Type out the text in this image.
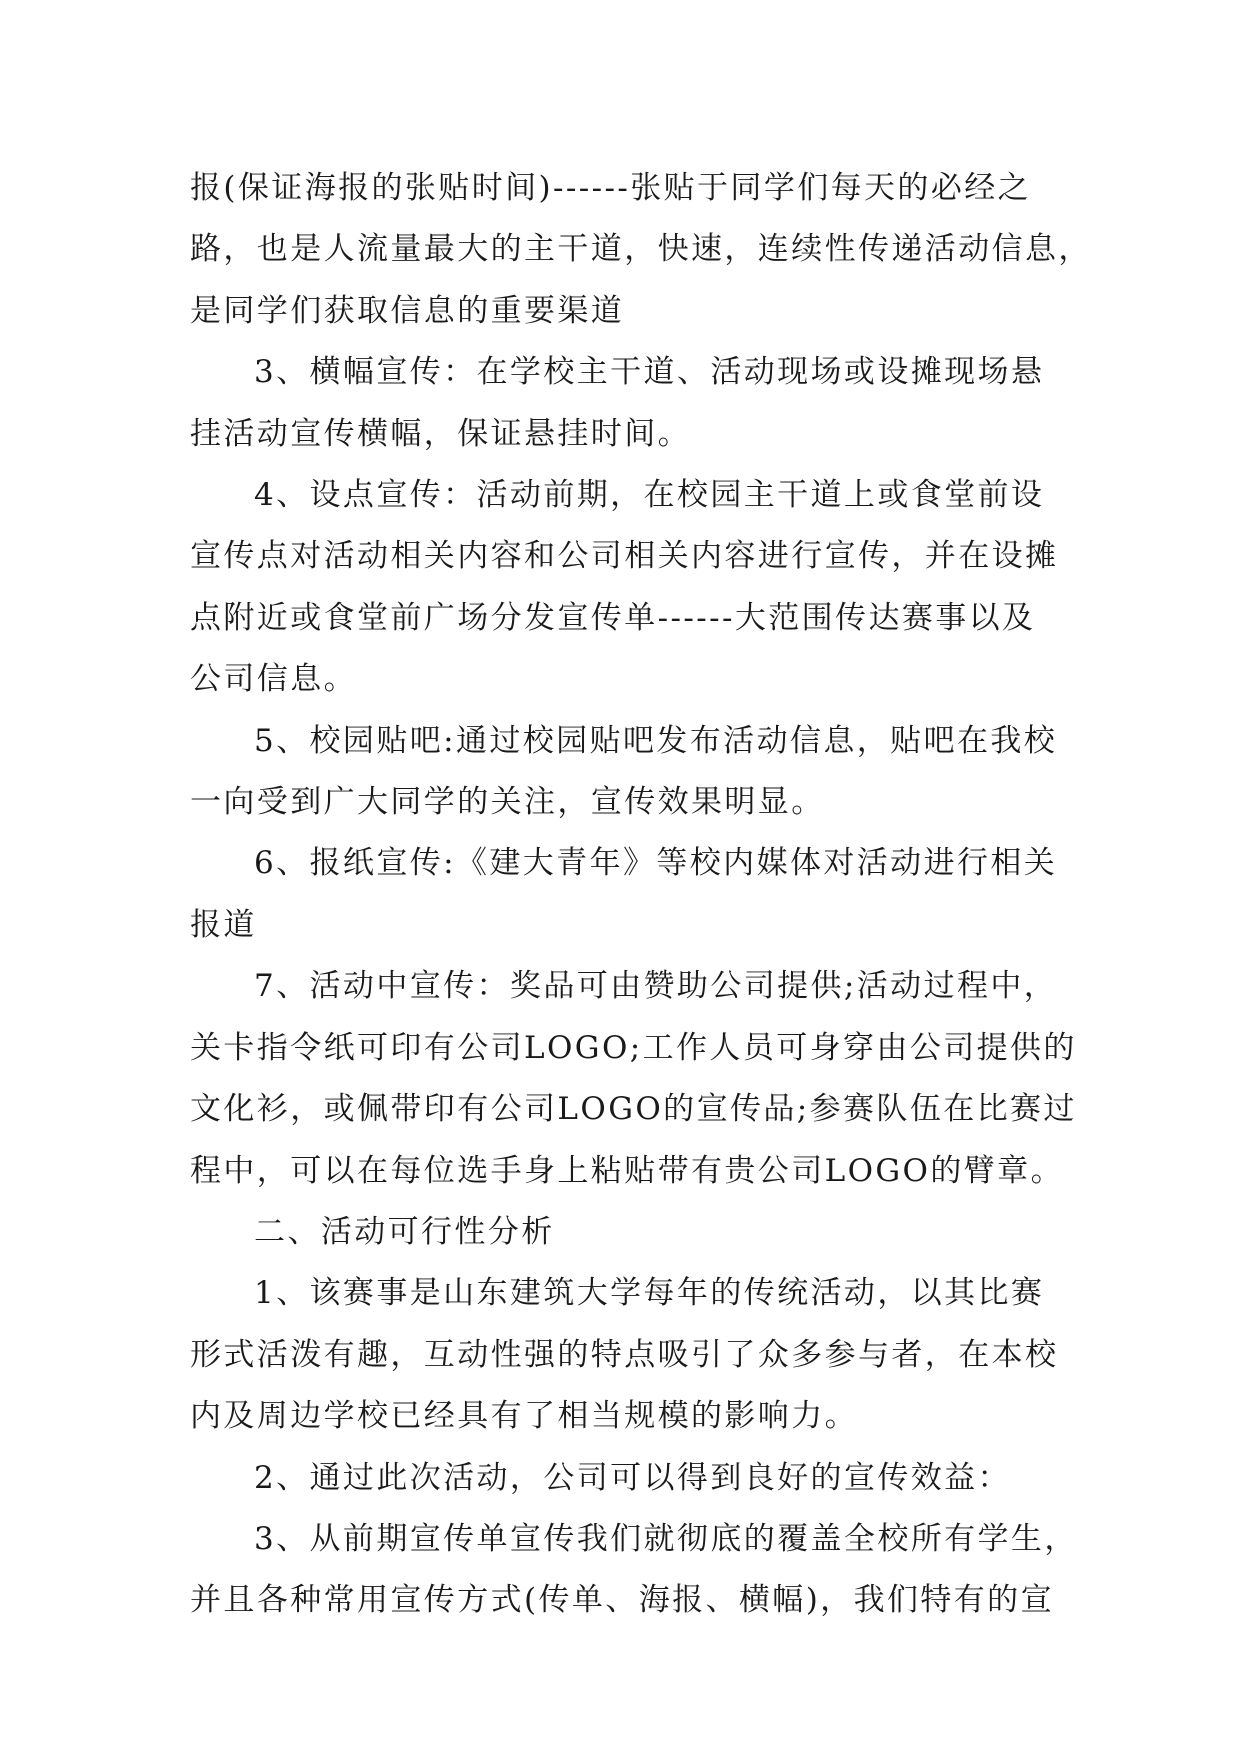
报(保证海报的张贴时间)------张贴于同学们每天的必经之
路，也是人流量最大的主干道，快速，连续性传递活动信息，
是同学们获取信息的重要渠道

3、横幅宣传：在学校主干道、活动现场或设摊现场悬
挂活动宣传横幅，保证悬挂时间。

4、设点宣传：活动前期，在校园主干道上或食堂前设
宣传点对活动相关内容和公司相关内容进行宣传，并在设摊
点附近或食堂前广场分发宣传单------大范围传达赛事以及
公司信息。

5、校园贴吧:通过校园贴吧发布活动信息，贴吧在我校
一向受到广大同学的关注，宣传效果明显。

6、报纸宣传:《建大青年》等校内媒体对活动进行相关
报道

7、活动中宣传：奖品可由赞助公司提供;活动过程中，
关卡指令纸可印有公司LOGO;工作人员可身穿由公司提供的
文化衫，或佩带印有公司LOGO的宣传品;参赛队伍在比赛过
程中，可以在每位选手身上粘贴带有贵公司LOGO的臂章。

二、活动可行性分析

1、该赛事是山东建筑大学每年的传统活动，以其比赛
形式活泼有趣，互动性强的特点吸引了众多参与者，在本校
内及周边学校已经具有了相当规模的影响力。

2、通过此次活动，公司可以得到良好的宣传效益：

3、从前期宣传单宣传我们就彻底的覆盖全校所有学生，
并且各种常用宣传方式(传单、海报、横幅)，我们特有的宣
